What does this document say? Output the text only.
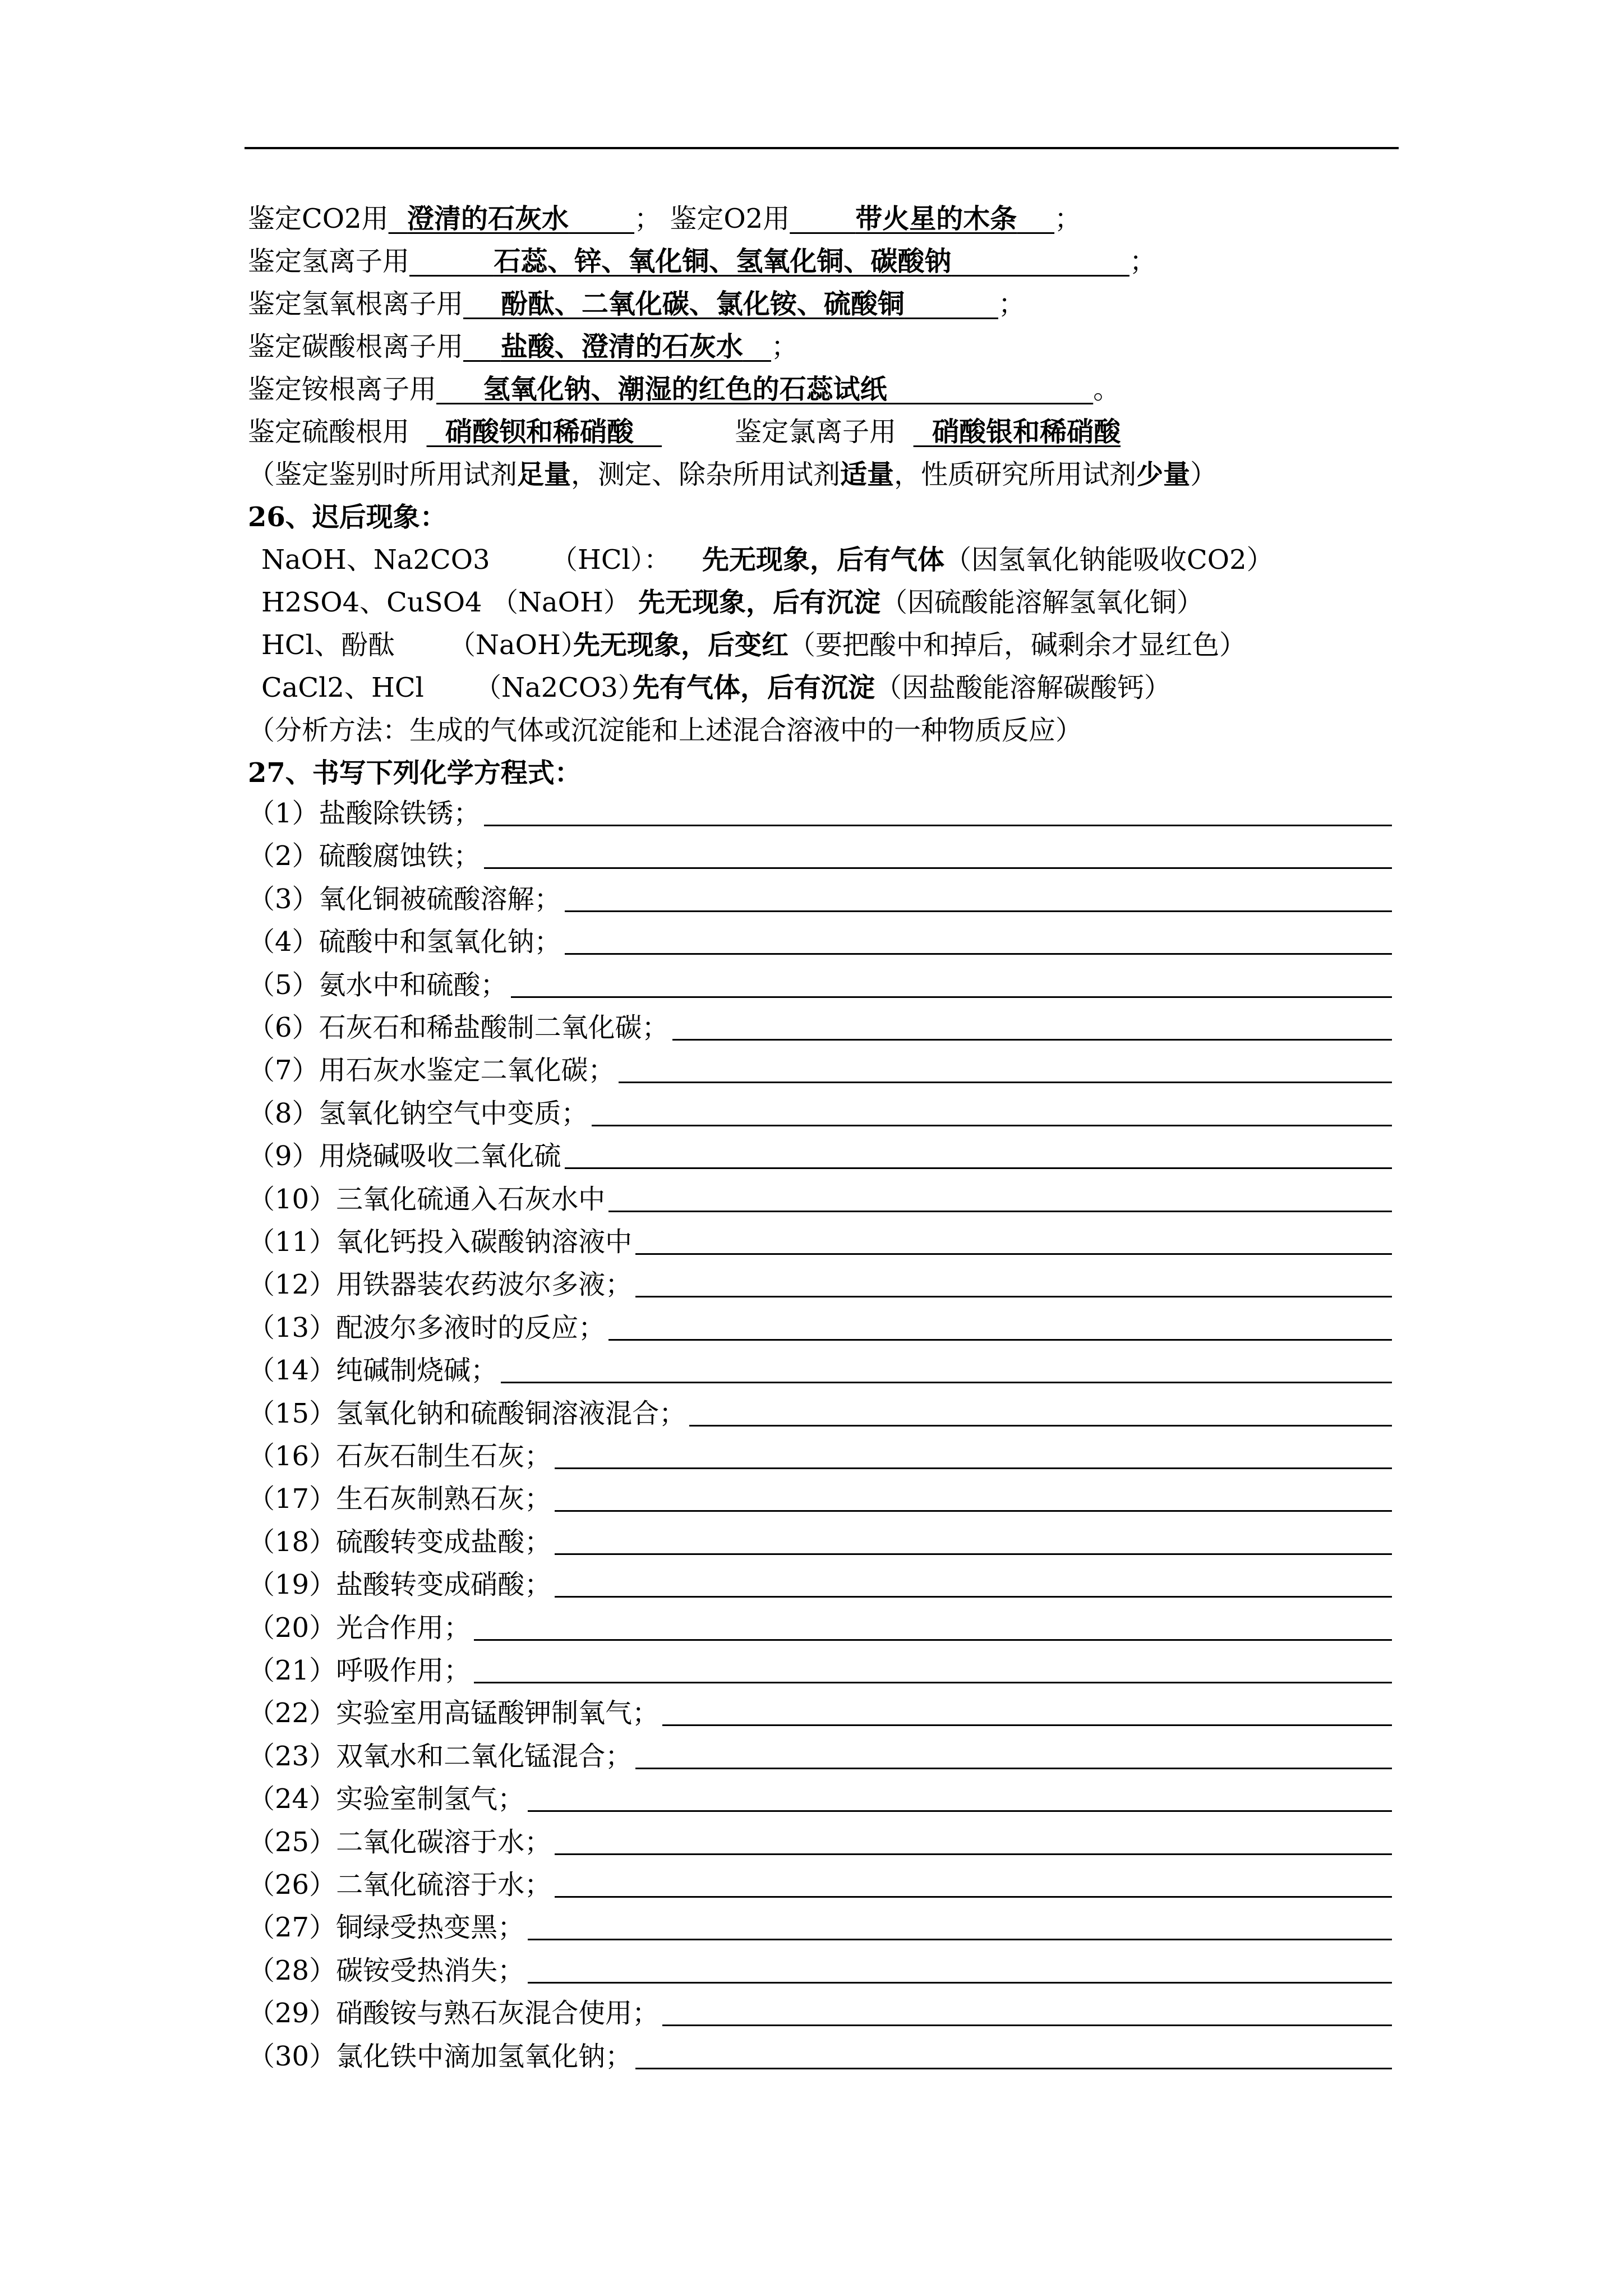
鉴定CO2用 澄清的石灰水 ； 鉴定O2用 带火星的木条 ；
鉴定氢离子用	石蕊、锌、氧化铜、氢氧化铜、碳酸钠	；
鉴定氢氧根离子用 酚酞、二氧化碳、氯化铵、硫酸铜	；
鉴定碳酸根离子用 盐酸、澄清的石灰水 ；
鉴定铵根离子用 氢氧化钠、潮湿的红色的石蕊试纸	。
鉴定硫酸根用 硝酸钡和稀硝酸	鉴定氯离子用 硝酸银和稀硝酸
（鉴定鉴别时所用试剂足量，测定、除杂所用试剂适量，性质研究所用试剂少量）
26、迟后现象：
NaOH、Na2CO3 （HCl）： 先无现象，后有气体（因氢氧化钠能吸收CO2）
H2SO4、CuSO4 （NaOH） 先无现象，后有沉淀（因硫酸能溶解氢氧化铜）
HCl、酚酞 （NaOH）先无现象，后变红（要把酸中和掉后，碱剩余才显红色）
CaCl2、HCl （Na2CO3）先有气体，后有沉淀（因盐酸能溶解碳酸钙）
（分析方法：生成的气体或沉淀能和上述混合溶液中的一种物质反应）
27、书写下列化学方程式：
（1）盐酸除铁锈；
（2）硫酸腐蚀铁；
（3）氧化铜被硫酸溶解；
（4）硫酸中和氢氧化钠；
（5）氨水中和硫酸；
（6）石灰石和稀盐酸制二氧化碳；
（7）用石灰水鉴定二氧化碳；
（8）氢氧化钠空气中变质；
（9）用烧碱吸收二氧化硫
（10）三氧化硫通入石灰水中
（11）氧化钙投入碳酸钠溶液中
（12）用铁器装农药波尔多液；
（13）配波尔多液时的反应；
（14）纯碱制烧碱；
（15）氢氧化钠和硫酸铜溶液混合；
（16）石灰石制生石灰；
（17）生石灰制熟石灰；
（18）硫酸转变成盐酸；
（19）盐酸转变成硝酸；
（20）光合作用；
（21）呼吸作用；
（22）实验室用高锰酸钾制氧气；
（23）双氧水和二氧化锰混合；
（24）实验室制氢气；
（25）二氧化碳溶于水；
（26）二氧化硫溶于水；
（27）铜绿受热变黑；
（28）碳铵受热消失；
（29）硝酸铵与熟石灰混合使用；
（30）氯化铁中滴加氢氧化钠；
